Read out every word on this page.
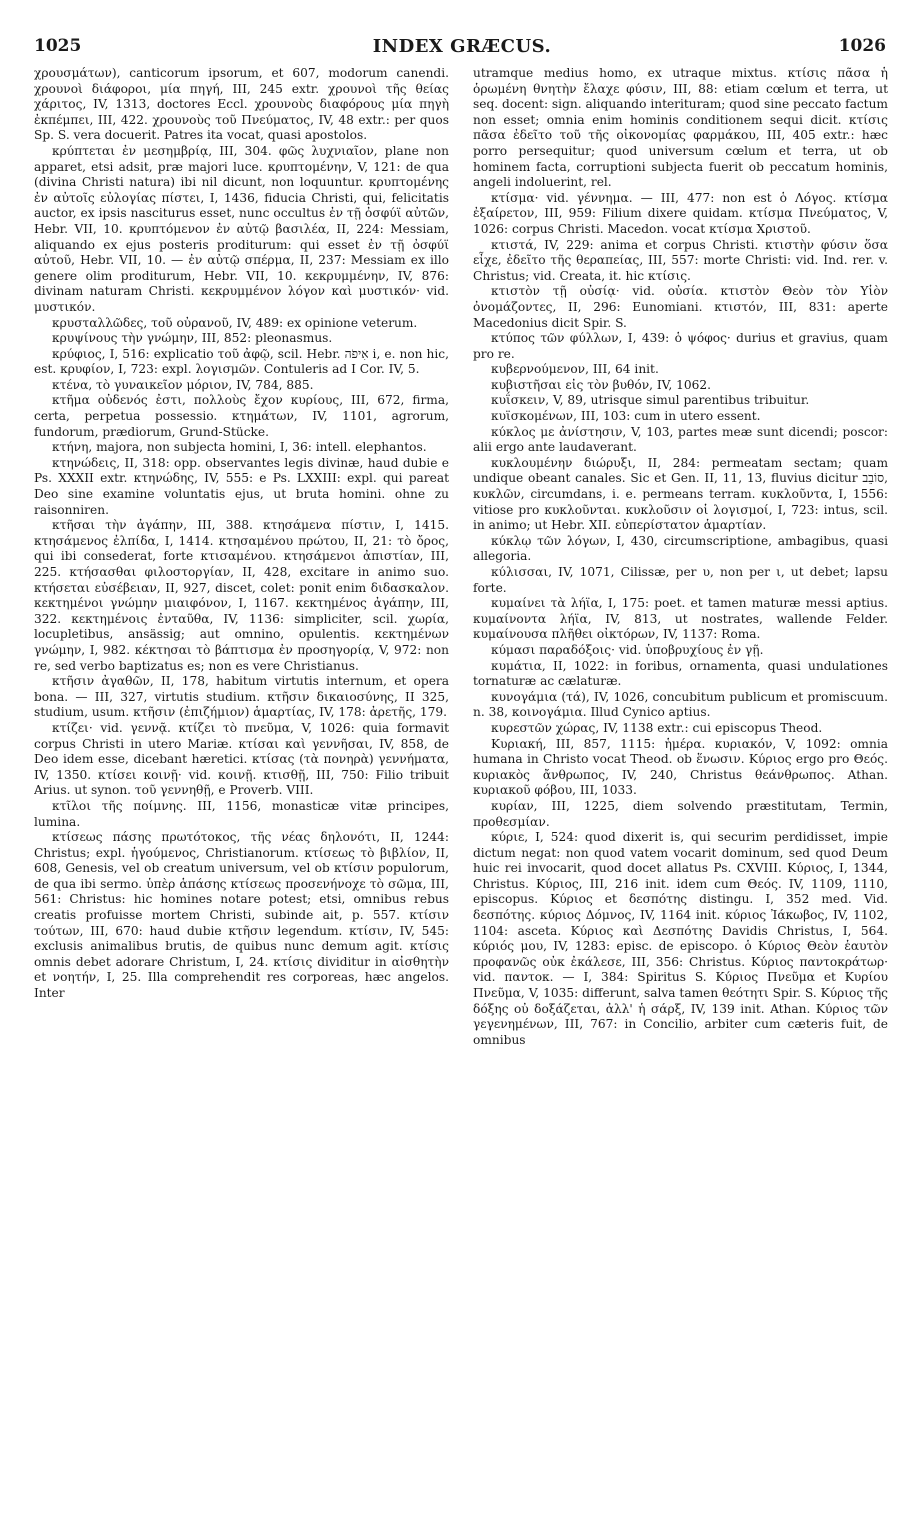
1025	INDEX GRÆCUS.	1026

χρουσμάτων), canticorum ipsorum, et 607, modorum canendi. χρουνοὶ διάφοροι, μία πηγή, III, 245 extr. χρουνοὶ τῆς θείας χάριτος, IV, 1313, doctores Eccl. χρουνοὺς διαφόρους μία πηγὴ ἐκπέμπει, III, 422. χρουνοὺς τοῦ Πνεύματος, IV, 48 extr.: per quos Sp. S. vera docuerit. Patres ita vocat, quasi apostolos.

κρύπτεται ἐν μεσημβρίᾳ, III, 304. φῶς λυχνιαῖον, plane non apparet, etsi adsit, præ majori luce. κρυπτομένην, V, 121: de qua (divina Christi natura) ibi nil dicunt, non loquuntur. κρυπτομένης ἐν αὐτοῖς εὐλογίας πίστει, I, 1436, fiducia Christi, qui, felicitatis auctor, ex ipsis nasciturus esset, nunc occultus ἐν τῇ ὀσφύϊ αὐτῶν, Hebr. VII, 10. κρυπτόμενον ἐν αὐτῷ βασιλέα, II, 224: Messiam, aliquando ex ejus posteris proditurum: qui esset ἐν τῇ ὀσφύϊ αὐτοῦ, Hebr. VII, 10. — ἐν αὐτῷ σπέρμα, II, 237: Messiam ex illo genere olim proditurum, Hebr. VII, 10. κεκρυμμένην, IV, 876: divinam naturam Christi. κεκρυμμένον λόγον καὶ μυστικόν· vid. μυστικόν.

κρυσταλλῶδες, τοῦ οὐρανοῦ, IV, 489: ex opinione veterum.

κρυψίνους τὴν γνώμην, III, 852: pleonasmus.

κρύφιος, I, 516: explicatio τοῦ ἀφῷ, scil. Hebr. אִיפֹה i, e. non hic, est. κρυφίον, I, 723: expl. λογισμῶν. Contuleris ad I Cor. IV, 5.

κτένα, τὸ γυναικεῖον μόριον, IV, 784, 885.

κτῆμα οὐδενός ἐστι, πολλοὺς ἔχον κυρίους, III, 672, firma, certa, perpetua possessio. κτημάτων, IV, 1101, agrorum, fundorum, prædiorum, Grund-Stücke.

κτήνη, majora, non subjecta homini, I, 36: intell. elephantos.

κτηνώδεις, II, 318: opp. observantes legis divinæ, haud dubie e Ps. XXXII extr. κτηνώδης, IV, 555: e Ps. LXXIII: expl. qui pareat Deo sine examine voluntatis ejus, ut bruta homini. ohne zu raisonniren.

κτῆσαι τὴν ἀγάπην, III, 388. κτησάμενα πίστιν, I, 1415. κτησάμενος ἐλπίδα, I, 1414. κτησαμένου πρώτου, II, 21: τὸ ὄρος, qui ibi consederat, forte κτισαμένου. κτησάμενοι ἀπιστίαν, III, 225. κτήσασθαι φιλοστοργίαν, II, 428, excitare in animo suo. κτήσεται εὐσέβειαν, II, 927, discet, colet: ponit enim διδασκαλον. κεκτημένοι γνώμην μιαιφόνον, I, 1167. κεκτημένος ἀγάπην, III, 322. κεκτημένοις ἐνταῦθα, IV, 1136: simpliciter, scil. χωρία, locupletibus, ansässig; aut omnino, opulentis. κεκτημένων γνώμην, I, 982. κέκτησαι τὸ βάπτισμα ἐν προσηγορίᾳ, V, 972: non re, sed verbo baptizatus es; non es vere Christianus.

κτῆσιν ἀγαθῶν, II, 178, habitum virtutis internum, et opera bona. — III, 327, virtutis studium. κτῆσιν δικαιοσύνης, II 325, studium, usum. κτῆσιν (ἐπιζήμιον) ἁμαρτίας, IV, 178: ἀρετῆς, 179.

κτίζει· vid. γεννᾷ. κτίζει τὸ πνεῦμα, V, 1026: quia formavit corpus Christi in utero Mariæ. κτίσαι καὶ γεννῆσαι, IV, 858, de Deo idem esse, dicebant hæretici. κτίσας (τὰ πονηρὰ) γεννήματα, IV, 1350. κτίσει κοινῇ· vid. κοινῇ. κτισθῇ, III, 750: Filio tribuit Arius. ut synon. τοῦ γεννηθῇ, e Proverb. VIII.

κτῖλοι τῆς ποίμνης. III, 1156, monasticæ vitæ principes, lumina.

κτίσεως πάσης πρωτότοκος, τῆς νέας δηλονότι, II, 1244: Christus; expl. ἡγούμενος, Christianorum. κτίσεως τὸ βιβλίον, II, 608, Genesis, vel ob creatum universum, vel ob κτίσιν populorum, de qua ibi sermo. ὑπὲρ ἁπάσης κτίσεως προσενήνοχε τὸ σῶμα, III, 561: Christus: hic homines notare potest; etsi, omnibus rebus creatis profuisse mortem Christi, subinde ait, p. 557. κτίσιν τούτων, III, 670: haud dubie κτῆσιν legendum. κτίσιν, IV, 545: exclusis animalibus brutis, de quibus nunc demum agit. κτίσις omnis debet adorare Christum, I, 24. κτίσις dividitur in αἰσθητὴν et νοητήν, I, 25. Illa comprehendit res corporeas, hæc angelos. Inter

utramque medius homo, ex utraque mixtus. κτίσις πᾶσα ἡ ὁρωμένη θνητὴν ἔλαχε φύσιν, III, 88: etiam cœlum et terra, ut seq. docent: sign. aliquando interituram; quod sine peccato factum non esset; omnia enim hominis conditionem sequi dicit. κτίσις πᾶσα ἐδεῖτο τοῦ τῆς οἰκονομίας φαρμάκου, III, 405 extr.: hæc porro persequitur; quod universum cœlum et terra, ut ob hominem facta, corruptioni subjecta fuerit ob peccatum hominis, angeli indoluerint, rel.

κτίσμα· vid. γέννημα. — III, 477: non est ὁ Λόγος. κτίσμα ἐξαίρετον, III, 959: Filium dixere quidam. κτίσμα Πνεύματος, V, 1026: corpus Christi. Macedon. vocat κτίσμα Χριστοῦ.

κτιστά, IV, 229: anima et corpus Christi. κτιστὴν φύσιν ὅσα εἶχε, ἐδεῖτο τῆς θεραπείας, III, 557: morte Christi: vid. Ind. rer. v. Christus; vid. Creata, it. hic κτίσις.

κτιστὸν τῇ οὐσίᾳ· vid. οὐσία. κτιστὸν Θεὸν τὸν Υἱὸν ὀνομάζοντες, II, 296: Eunomiani. κτιστόν, III, 831: aperte Macedonius dicit Spir. S.

κτύπος τῶν φύλλων, I, 439: ὁ ψόφος· durius et gravius, quam pro re.

κυβερνούμενον, III, 64 init.

κυβιστῆσαι εἰς τὸν βυθόν, IV, 1062.

κυΐσκειν, V, 89, utrisque simul parentibus tribuitur.

κυϊσκομένων, III, 103: cum in utero essent.

κύκλος με ἀνίστησιν, V, 103, partes meæ sunt dicendi; poscor: alii ergo ante laudaverant.

κυκλουμένην διώρυξι, II, 284: permeatam sectam; quam undique obeant canales. Sic et Gen. II, 11, 13, fluvius dicitur סוֹבֵב, κυκλῶν, circumdans, i. e. permeans terram. κυκλοῦντα, I, 1556: vitiose pro κυκλοῦνται. κυκλοῦσιν οἱ λογισμοί, I, 723: intus, scil. in animo; ut Hebr. XII. εὐπερίστατον ἁμαρτίαν.

κύκλῳ τῶν λόγων, I, 430, circumscriptione, ambagibus, quasi allegoria.

κύλισσαι, IV, 1071, Cilissæ, per υ, non per ι, ut debet; lapsu forte.

κυμαίνει τὰ λήϊα, I, 175: poet. et tamen maturæ messi aptius. κυμαίνοντα λήϊα, IV, 813, ut nostrates, wallende Felder. κυμαίνουσα πλῆθει οἰκτόρων, IV, 1137: Roma.

κύμασι παραδόξοις· vid. ὑποβρυχίους ἐν γῇ.

κυμάτια, II, 1022: in foribus, ornamenta, quasi undulationes tornaturæ ac cælaturæ.

κυνογάμια (τά), IV, 1026, concubitum publicum et promiscuum. n. 38, κοινογάμια. Illud Cynico aptius.

κυρεστῶν χώρας, IV, 1138 extr.: cui episcopus Theod.

Κυριακή, III, 857, 1115: ἡμέρα. κυριακόν, V, 1092: omnia humana in Christo vocat Theod. ob ἕνωσιν. Κύριος ergo pro Θεός. κυριακὸς ἄνθρωπος, IV, 240, Christus θεάνθρωπος. Athan. κυριακοῦ φόβου, III, 1033.

κυρίαν, III, 1225, diem solvendo præstitutam, Termin, προθεσμίαν.

κύριε, I, 524: quod dixerit is, qui securim perdidisset, impie dictum negat: non quod vatem vocarit dominum, sed quod Deum huic rei invocarit, quod docet allatus Ps. CXVIII. Κύριος, I, 1344, Christus. Κύριος, III, 216 init. idem cum Θεός. IV, 1109, 1110, episcopus. Κύριος et δεσπότης distingu. I, 352 med. Vid. δεσπότης. κύριος Δόμνος, IV, 1164 init. κύριος Ἰάκωβος, IV, 1102, 1104: asceta. Κύριος καὶ Δεσπότης Davidis Christus, I, 564. κύριός μου, IV, 1283: episc. de episcopo. ὁ Κύριος Θεὸν ἑαυτὸν προφανῶς οὐκ ἐκάλεσε, III, 356: Christus. Κύριος παντοκράτωρ· vid. παντοκ. — I, 384: Spiritus S. Κύριος Πνεῦμα et Κυρίου Πνεῦμα, V, 1035: differunt, salva tamen θεότητι Spir. S. Κύριος τῆς δόξης οὐ δοξάζεται, ἀλλ' ἡ σάρξ, IV, 139 init. Athan. Κύριος τῶν γεγενημένων, III, 767: in Concilio, arbiter cum cæteris fuit, de omnibus
